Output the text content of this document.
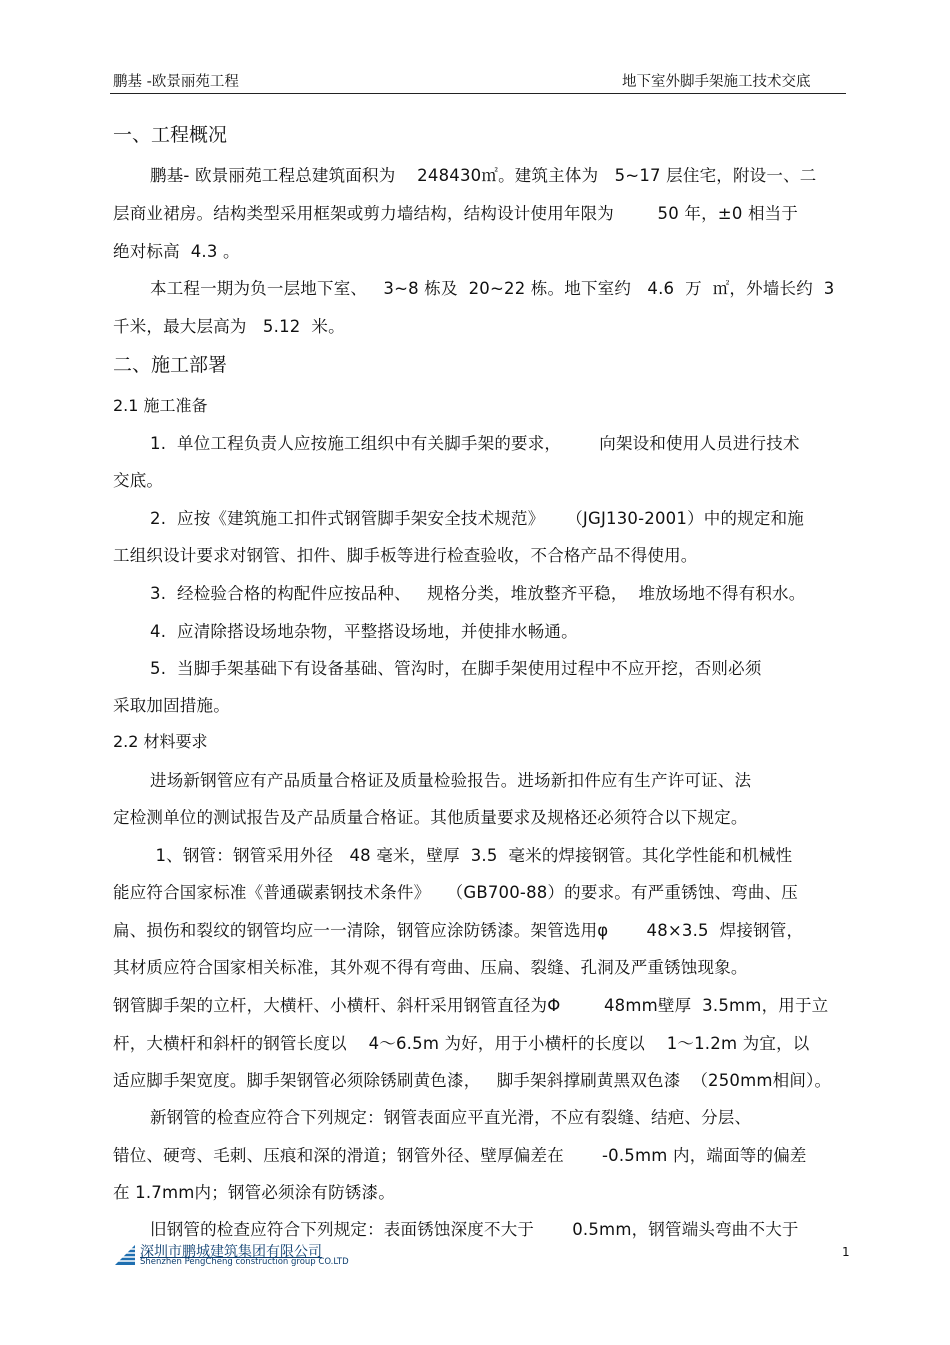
鹏基 -欧景丽苑工程	地下室外脚手架施工技术交底
一、工程概况
鹏基- 欧景丽苑工程总建筑面积为    248430㎡。建筑主体为   5~17 层住宅，附设一、二
层商业裙房。结构类型采用框架或剪力墙结构，结构设计使用年限为        50 年，±0 相当于
绝对标高  4.3 。
本工程一期为负一层地下室、   3~8 栋及  20~22 栋。地下室约   4.6  万  ㎡，外墙长约  3
千米，最大层高为   5.12  米。
二、施工部署
2.1 施工准备
1.  单位工程负责人应按施工组织中有关脚手架的要求，       向架设和使用人员进行技术
交底。
2.  应按《建筑施工扣件式钢管脚手架安全技术规范》    （JGJ130-2001）中的规定和施
工组织设计要求对钢管、扣件、脚手板等进行检查验收，不合格产品不得使用。
3.  经检验合格的构配件应按品种、   规格分类，堆放整齐平稳，  堆放场地不得有积水。
4.  应清除搭设场地杂物，平整搭设场地，并使排水畅通。
5.  当脚手架基础下有设备基础、管沟时，在脚手架使用过程中不应开挖，否则必须
采取加固措施。
2.2 材料要求
进场新钢管应有产品质量合格证及质量检验报告。进场新扣件应有生产许可证、法
定检测单位的测试报告及产品质量合格证。其他质量要求及规格还必须符合以下规定。
1、钢管：钢管采用外径   48 毫米，壁厚  3.5  毫米的焊接钢管。其化学性能和机械性
能应符合国家标准《普通碳素钢技术条件》   （GB700-88）的要求。有严重锈蚀、弯曲、压
扁、损伤和裂纹的钢管均应一一清除，钢管应涂防锈漆。架管选用φ       48×3.5  焊接钢管，
其材质应符合国家相关标准，其外观不得有弯曲、压扁、裂缝、孔洞及严重锈蚀现象。
钢管脚手架的立杆，大横杆、小横杆、斜杆采用钢管直径为Φ        48mm壁厚  3.5mm，用于立
杆，大横杆和斜杆的钢管长度以    4～6.5m 为好，用于小横杆的长度以    1～1.2m 为宜，以
适应脚手架宽度。脚手架钢管必须除锈刷黄色漆，   脚手架斜撑刷黄黑双色漆  （250mm相间）。
新钢管的检查应符合下列规定：钢管表面应平直光滑，不应有裂缝、结疤、分层、
错位、硬弯、毛刺、压痕和深的滑道；钢管外径、壁厚偏差在       -0.5mm 内，端面等的偏差
在 1.7mm内；钢管必须涂有防锈漆。
旧钢管的检查应符合下列规定：表面锈蚀深度不大于       0.5mm，钢管端头弯曲不大于
深圳市鹏城建筑集团有限公司
Shenzhen PengCheng construction group CO.LTD
1
